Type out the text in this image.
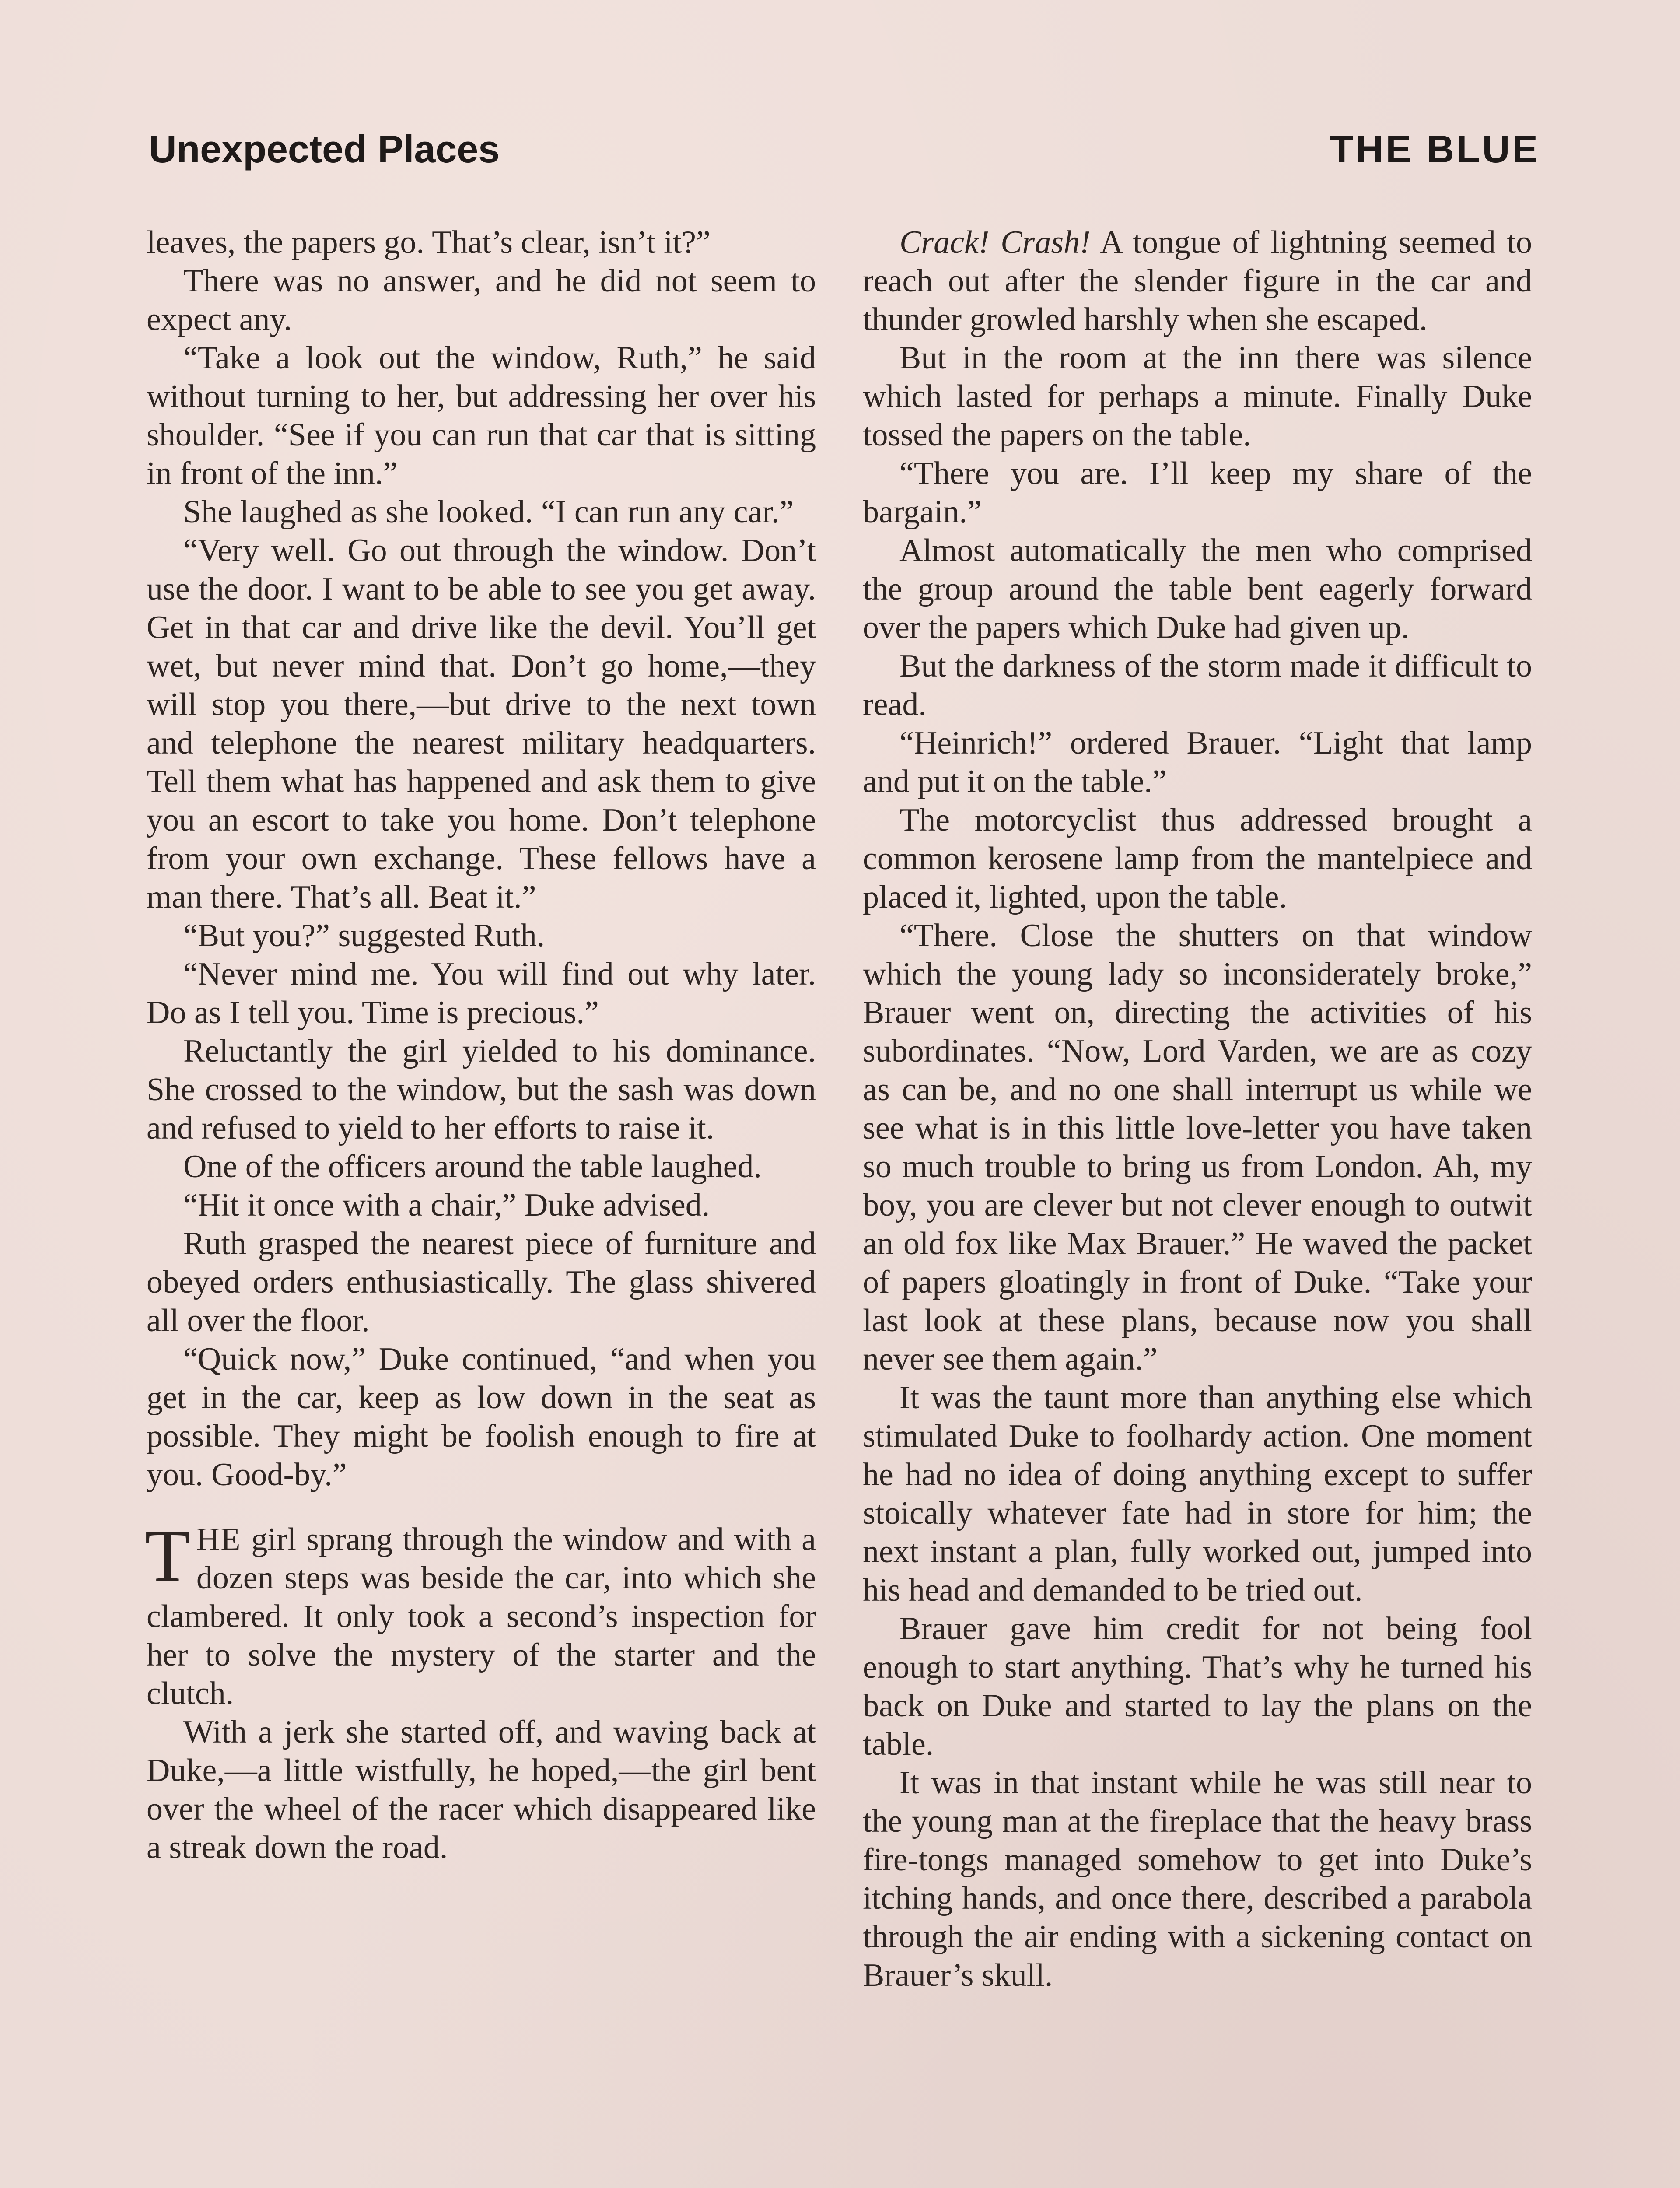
Unexpected Places	THE BLUE

leaves, the papers go. That’s clear, isn’t it?”

There was no answer, and he did not seem to expect any.

“Take a look out the window, Ruth,” he said without turning to her, but addressing her over his shoulder. “See if you can run that car that is sitting in front of the inn.”

She laughed as she looked. “I can run any car.”

“Very well. Go out through the window. Don’t use the door. I want to be able to see you get away. Get in that car and drive like the devil. You’ll get wet, but never mind that. Don’t go home,—they will stop you there,—but drive to the next town and telephone the nearest military headquarters. Tell them what has happened and ask them to give you an escort to take you home. Don’t telephone from your own exchange. These fellows have a man there. That’s all. Beat it.”

“But you?” suggested Ruth.

“Never mind me. You will find out why later. Do as I tell you. Time is precious.”

Reluctantly the girl yielded to his dominance. She crossed to the window, but the sash was down and refused to yield to her efforts to raise it.

One of the officers around the table laughed.

“Hit it once with a chair,” Duke advised.

Ruth grasped the nearest piece of furniture and obeyed orders enthusiastically. The glass shivered all over the floor.

“Quick now,” Duke continued, “and when you get in the car, keep as low down in the seat as possible. They might be foolish enough to fire at you. Good-by.”

THE girl sprang through the window and with a dozen steps was beside the car, into which she clambered. It only took a second’s inspection for her to solve the mystery of the starter and the clutch.

With a jerk she started off, and waving back at Duke,—a little wistfully, he hoped,—the girl bent over the wheel of the racer which disappeared like a streak down the road.

Crack! Crash! A tongue of lightning seemed to reach out after the slender figure in the car and thunder growled harshly when she escaped.

But in the room at the inn there was silence which lasted for perhaps a minute. Finally Duke tossed the papers on the table.

“There you are. I’ll keep my share of the bargain.”

Almost automatically the men who comprised the group around the table bent eagerly forward over the papers which Duke had given up.

But the darkness of the storm made it difficult to read.

“Heinrich!” ordered Brauer. “Light that lamp and put it on the table.”

The motorcyclist thus addressed brought a common kerosene lamp from the mantelpiece and placed it, lighted, upon the table.

“There. Close the shutters on that window which the young lady so inconsiderately broke,” Brauer went on, directing the activities of his subordinates. “Now, Lord Varden, we are as cozy as can be, and no one shall interrupt us while we see what is in this little love-letter you have taken so much trouble to bring us from London. Ah, my boy, you are clever but not clever enough to outwit an old fox like Max Brauer.” He waved the packet of papers gloatingly in front of Duke. “Take your last look at these plans, because now you shall never see them again.”

It was the taunt more than anything else which stimulated Duke to foolhardy action. One moment he had no idea of doing anything except to suffer stoically whatever fate had in store for him; the next instant a plan, fully worked out, jumped into his head and demanded to be tried out.

Brauer gave him credit for not being fool enough to start anything. That’s why he turned his back on Duke and started to lay the plans on the table.

It was in that instant while he was still near to the young man at the fireplace that the heavy brass fire-tongs managed somehow to get into Duke’s itching hands, and once there, described a parabola through the air ending with a sickening contact on Brauer’s skull.
